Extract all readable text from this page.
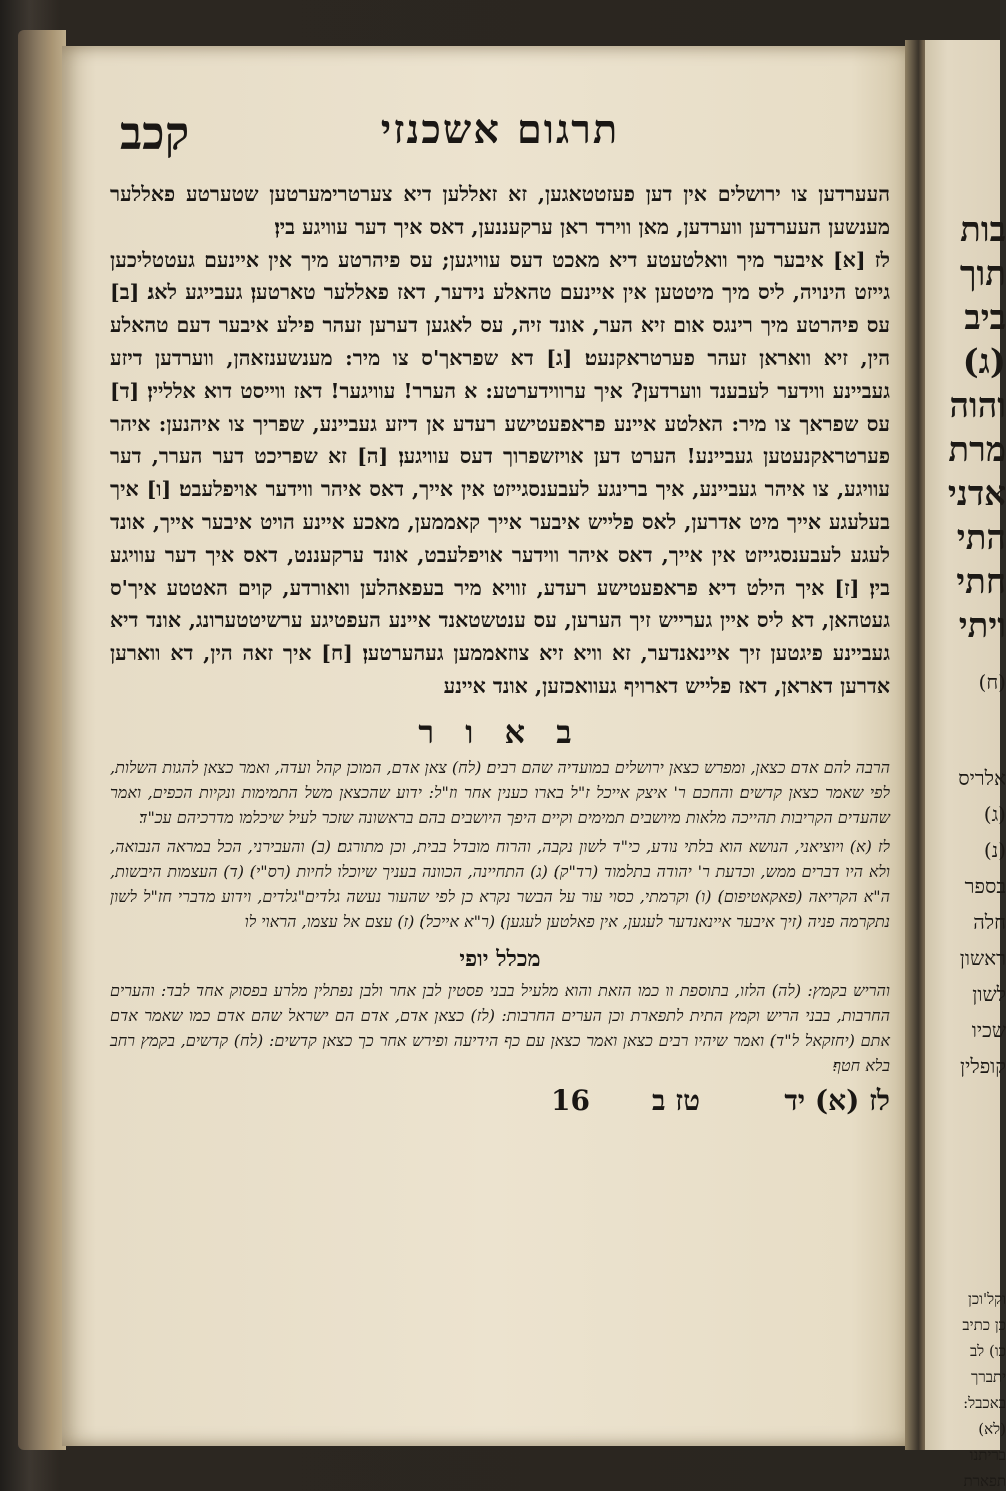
בות
תוך
ביב
(ג)
והוה
מרת
אדני
התי
חתי
ויתי
(ח)
אלריס
(ג)
(נ)
בספר
חלה
ראשון
לשון
שכיו
קופלין
וקל'וכן
כן כתיב
כו) לב
יתברך
באכבל:
(לא)
בריתנו
תפארת
תרגום אשכנזי
קכב

העערדען צו ירושלים אין דען פעזטטאגען, זא זאללען דיא צערטרימערטען שטערטע פאללער מענשען העערדען ווערדען, מאן ווירד ראן ערקעננען, דאס איך דער עוויגע בין׃

לז [א] איבער מיך וואלטעטע דיא מאכט דעס עוויגען; עס פיהרטע מיך אין איינעם געטטליכען גייזט הינויה, ליס מיך מיטטען אין איינעם טהאלע נידער, דאז פאללער טארטען׃ געבייגע לאג׃ [ב] עס פיהרטע מיך רינגס אום זיא הער, אונד זיה, עס לאגען דערען זעהר פילע איבער דעם טהאלע הין, זיא וואראן זעהר פערטראקנעט׃ [ג] דא שפראך'ס צו מיר: מענשענזאהן, ווערדען דיזע געביינע ווידער לעבענד ווערדען? איך ערווידערטע: א הערר! עוויגער! דאז ווייסט דוא אלליין׃ [ד] עס שפראך צו מיר: האלטע איינע פראפעטישע רעדע אן דיזע געביינע, שפריך צו איהנען: איהר פערטראקנעטען געביינע! הערט דען אויזשפרוך דעס עוויגען׃ [ה] זא שפריכט דער הערר, דער עוויגע, צו איהר געביינע, איך ברינגע לעבענסגייזט אין אייך, דאס איהר ווידער אויפלעבט׃ [ו] איך בעלעגע אייך מיט אדרען, לאס פלייש איבער אייך קאממען, מאכע איינע הויט איבער אייך, אונד לעגע לעבענסגייזט אין אייך, דאס איהר ווידער אויפלעבט, אונד ערקעננט, דאס איך דער עוויגע בין׃ [ז] איך הילט דיא פראפעטישע רעדע, זוויא מיר בעפאהלען וואורדע, קוים האטטע איך'ס געטהאן, דא ליס איין גערייש זיך הערען, עס ענטשטאנד איינע העפטיגע ערשיטטערונג, אונד דיא געביינע פיגטען זיך איינאנדער, זא וויא זיא צוזאממען געהערטען׃ [ח] איך זאה הין, דא ווארען אדרען דאראן, דאז פלייש דארויף געוואכזען, אונד איינע

ב א ו ר

הרבה להם אדם כצאן, ומפרש כצאן ירושלים במועדיה שהם רבים׃ (לח) צאן אדם, המוכן קהל ועדה, ואמר כצאן להגות השלות, לפי שאמר כצאן קדשים׃ והחכם ר' איצק אייכל ז"ל בארו כענין אחר וז"ל: ידוע שהכצאן משל התמימות ונקיות הכפים, ואמר שהעדים הקריבות תהייכה מלאות מיושבים תמימים וקיים היפך היושבים בהם בראשונה שזכר לעיל שיכלמו מדרכיהם עכ"ד׃

לז (א) ויוציאני, הנושא הוא בלתי נודע, כי"ד לשון נקבה, והרוח מובדל בבית, וכן מתורגם׃ (ב) והעבירני, הכל במראה הנבואה, ולא היו דברים ממש, וכדעת ר' יהודה בתלמוד (רד"ק)׃ (ג) התחיינה, הכוונה בעניך שיוכלו לחיות (רס"י)׃ (ד) העצמות היבשות, ה"א הקריאה (פאקאטיפום)׃ (ו) וקרמתי, כסוי עור על הבשר נקרא כן לפי שהעור נעשה גלדים"גלדים, וידוע מדברי חז"ל לשון נתקרמה פניה (זיך איבער איינאנדער לעגען, אין פאלטען לעגען)׃ (ר"א אייכל)׃ (ז) עצם אל עצמו, הראוי לו

מכלל יופי

והריש בקמץ: (לה) הלזו, בתוספת וו כמו הזאת והוא מלעיל בבני פסטין לבן אחר ולבן נפתלין מלרע בפסוק אחד לבד: והערים החרבות, בבני הריש וקמץ התית לתפארת וכן הערים החרבות: (לז) כצאן אדם, אדם הם ישראל שהם אדם כמו שאמר אדם אתם (יחזקאל ל"ד)׃ ואמר שיהיו רבים כצאן ואמר כצאן עם כף הידיעה ופירש אחר כך כצאן קדשים: (לח) קדשים, בקמץ רחב בלא חטף׃

לז (א) יד
טז ב
16
